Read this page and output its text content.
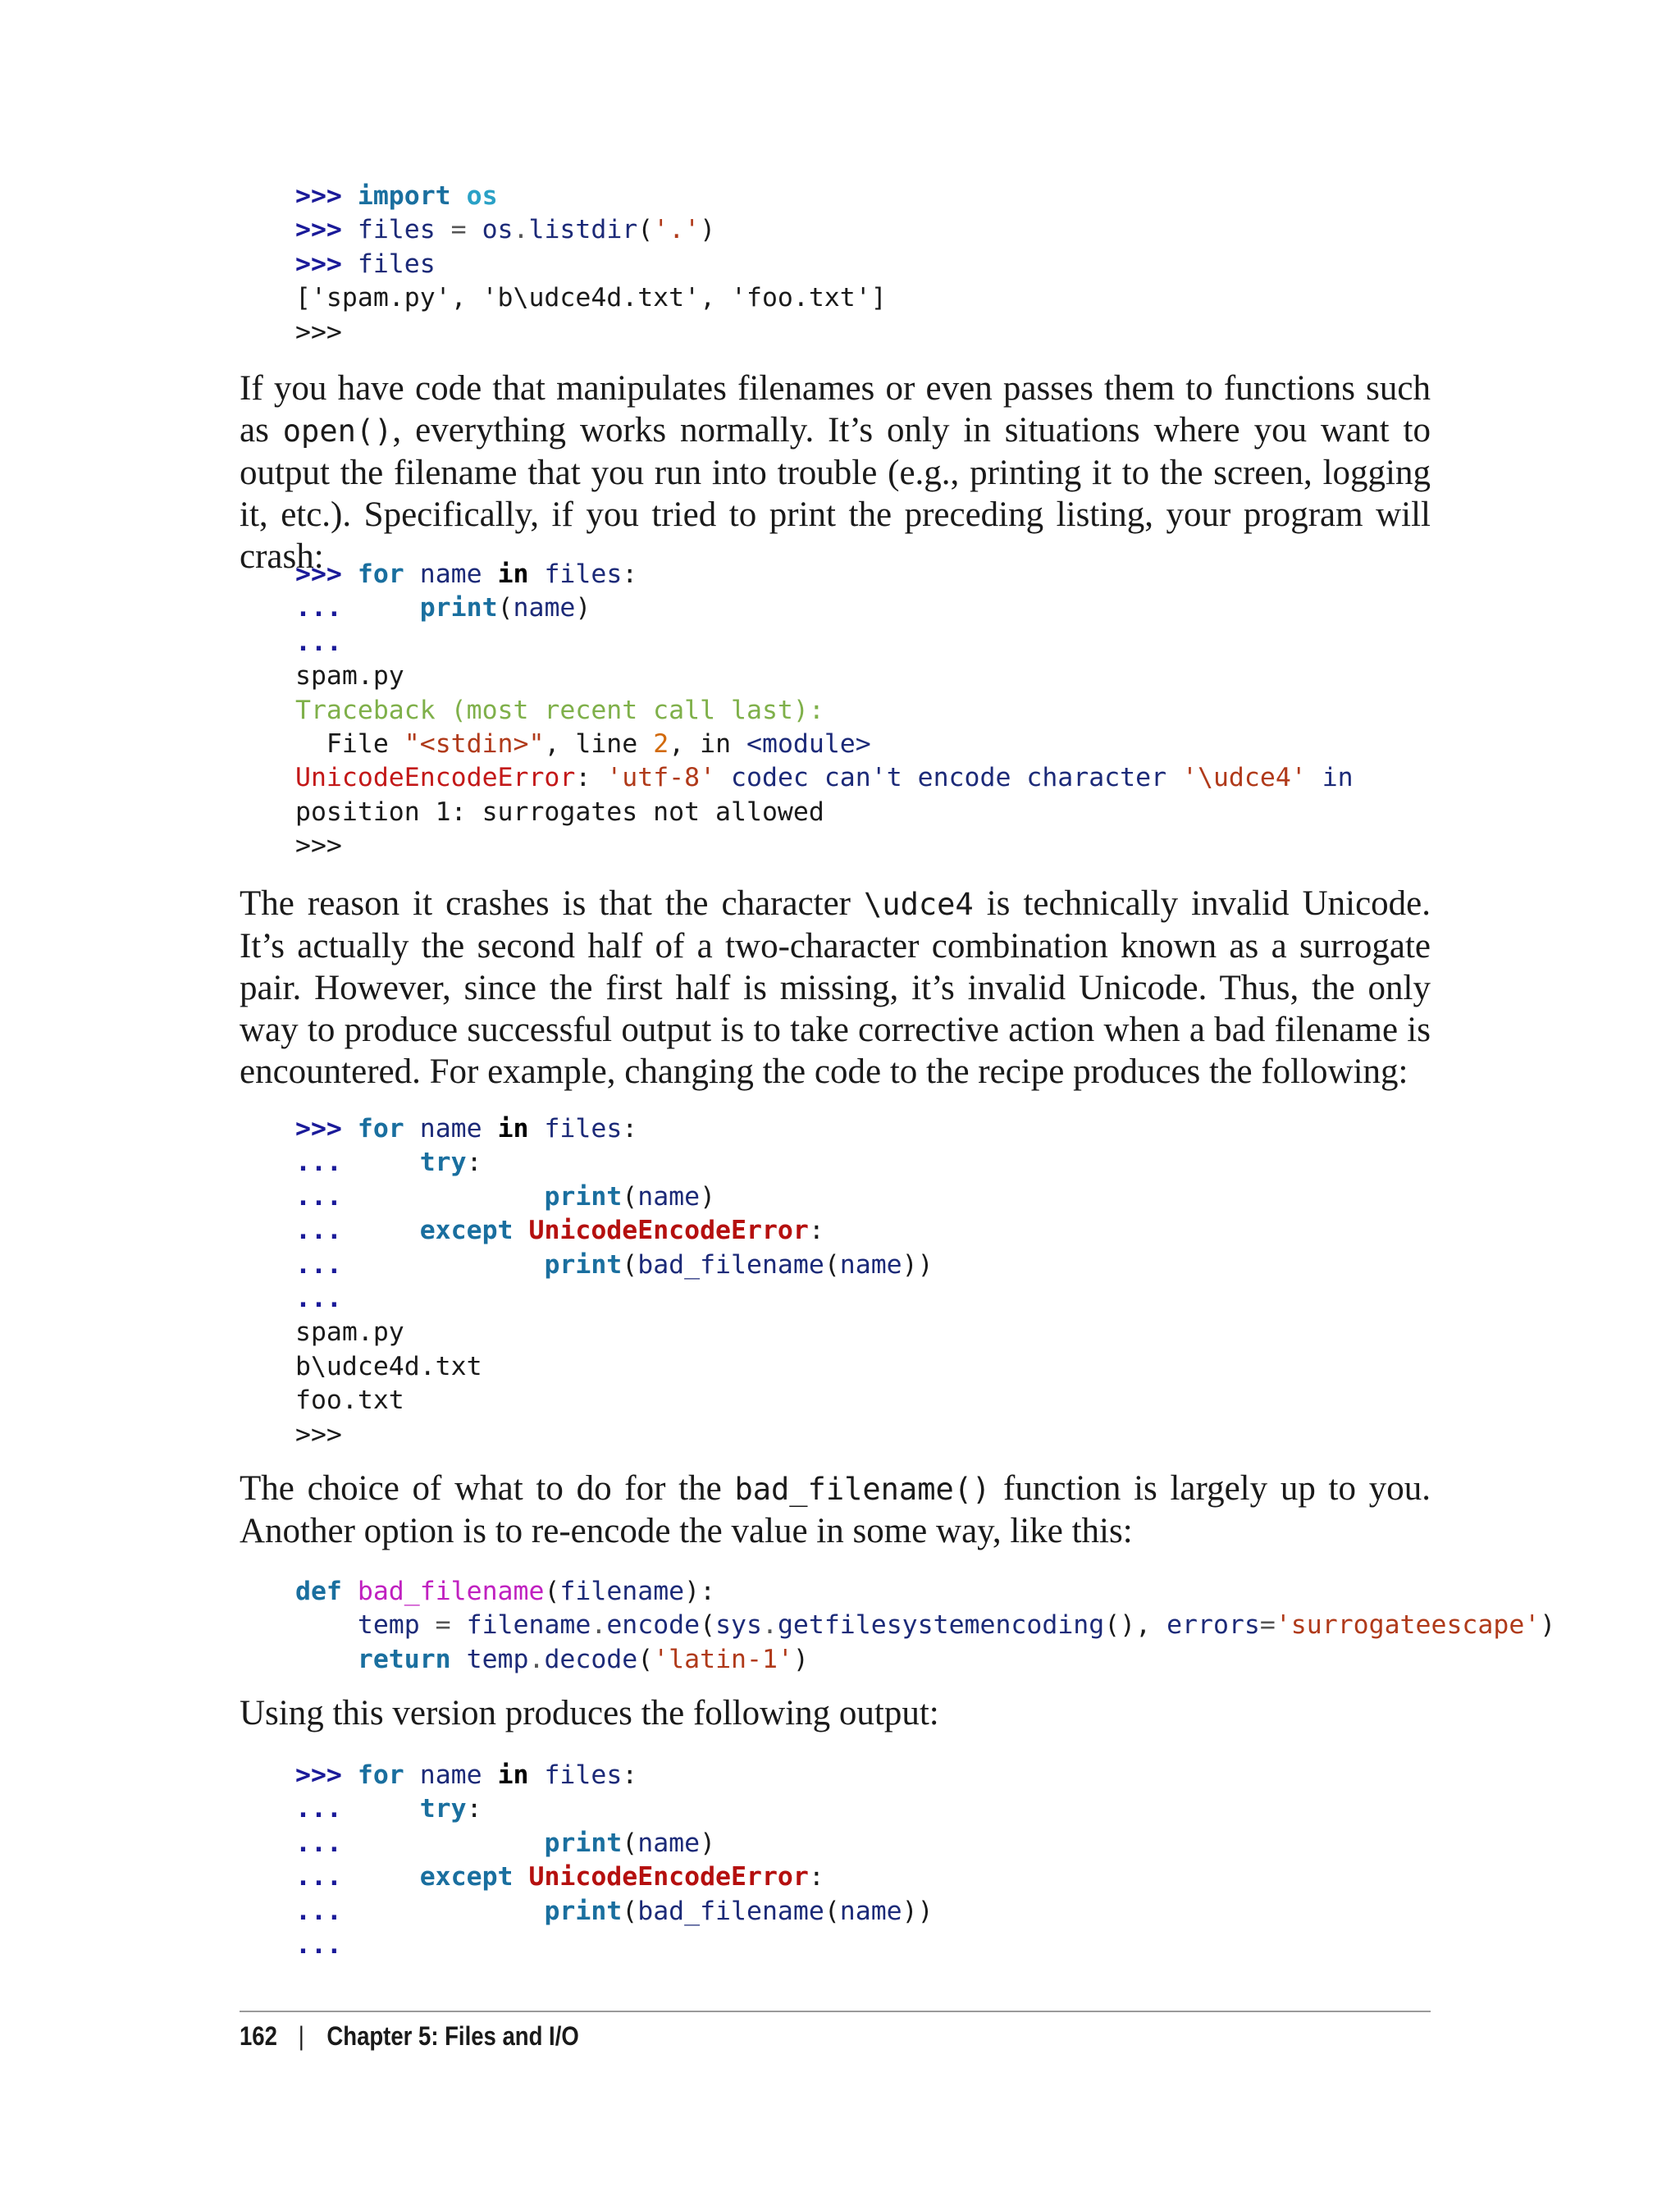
>>> import os
>>> files = os.listdir('.')
>>> files
['spam.py', 'b\udce4d.txt', 'foo.txt']
>>>

If you have code that manipulates filenames or even passes them to functions such as open(), everything works normally. It’s only in situations where you want to output the filename that you run into trouble (e.g., printing it to the screen, logging it, etc.). Specifically, if you tried to print the preceding listing, your program will crash:

>>> for name in files:
...     print(name)
...
spam.py
Traceback (most recent call last):
File "<stdin>", line 2, in <module>
UnicodeEncodeError: 'utf-8' codec can't encode character '\udce4' in
position 1: surrogates not allowed
>>>

The reason it crashes is that the character \udce4 is technically invalid Unicode. It’s actually the second half of a two-character combination known as a surrogate pair. However, since the first half is missing, it’s invalid Unicode. Thus, the only way to produce successful output is to take corrective action when a bad filename is encountered. For example, changing the code to the recipe produces the following:

>>> for name in files:
...     try:
...             print(name)
...     except UnicodeEncodeError:
...             print(bad_filename(name))
...
spam.py
b\udce4d.txt
foo.txt
>>>

The choice of what to do for the bad_filename() function is largely up to you. Another option is to re-encode the value in some way, like this:

def bad_filename(filename):
temp = filename.encode(sys.getfilesystemencoding(), errors='surrogateescape')
return temp.decode('latin-1')

Using this version produces the following output:

>>> for name in files:
...     try:
...             print(name)
...     except UnicodeEncodeError:
...             print(bad_filename(name))
...
162 | Chapter 5: Files and I/O
